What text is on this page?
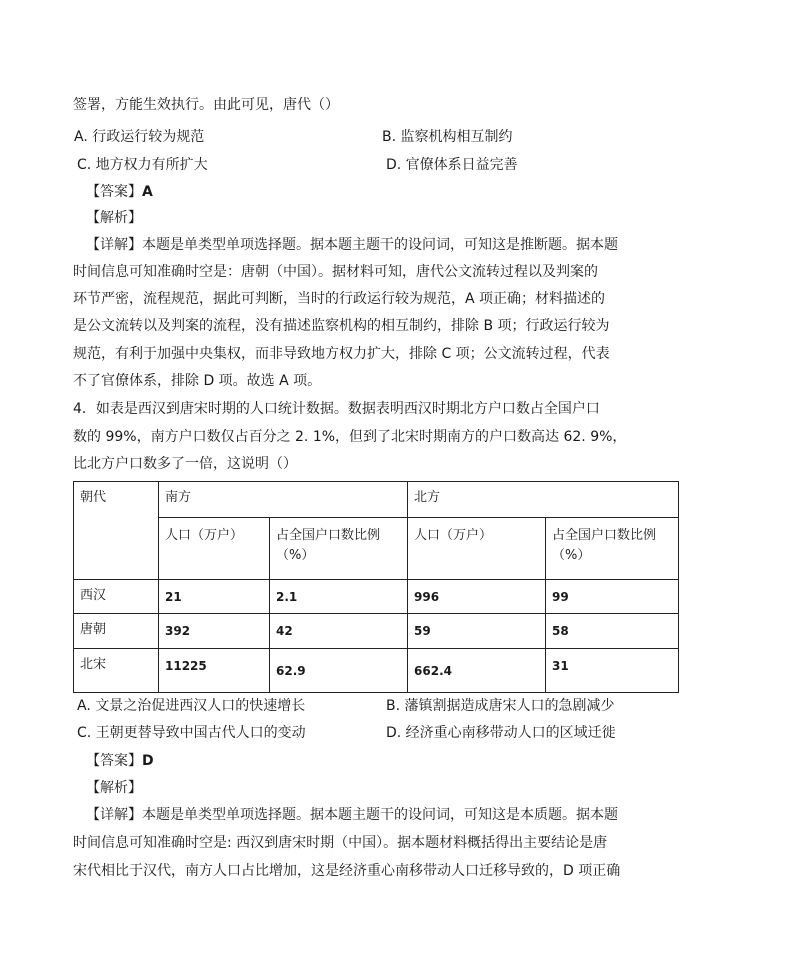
签署，方能生效执行。由此可见，唐代（）
A. 行政运行较为规范	B. 监察机构相互制约
C. 地方权力有所扩大	D. 官僚体系日益完善
【答案】A
【解析】
【详解】本题是单类型单项选择题。据本题主题干的设问词，可知这是推断题。据本题
时间信息可知准确时空是：唐朝（中国）。据材料可知，唐代公文流转过程以及判案的
环节严密，流程规范，据此可判断，当时的行政运行较为规范，A 项正确；材料描述的
是公文流转以及判案的流程，没有描述监察机构的相互制约，排除 B 项；行政运行较为
规范，有利于加强中央集权，而非导致地方权力扩大，排除 C 项；公文流转过程，代表
不了官僚体系，排除 D 项。故选 A 项。
4．如表是西汉到唐宋时期的人口统计数据。数据表明西汉时期北方户口数占全国户口
数的 99%，南方户口数仅占百分之 2. 1%，但到了北宋时期南方的户口数高达 62. 9%，
比北方户口数多了一倍，这说明（）
朝代	南方		北方	
	人口（万户）	占全国户口数比例（%）	人口（万户）	占全国户口数比例（%）
西汉	21	2.1	996	99
唐朝	392	42	59	58
北宋	11225	62.9	662.4	31
A. 文景之治促进西汉人口的快速增长	B. 藩镇割据造成唐宋人口的急剧减少
C. 王朝更替导致中国古代人口的变动	D. 经济重心南移带动人口的区域迁徙
【答案】D
【解析】
【详解】本题是单类型单项选择题。据本题主题干的设问词，可知这是本质题。据本题
时间信息可知准确时空是: 西汉到唐宋时期（中国）。据本题材料概括得出主要结论是唐
宋代相比于汉代，南方人口占比增加，这是经济重心南移带动人口迁移导致的，D 项正确
